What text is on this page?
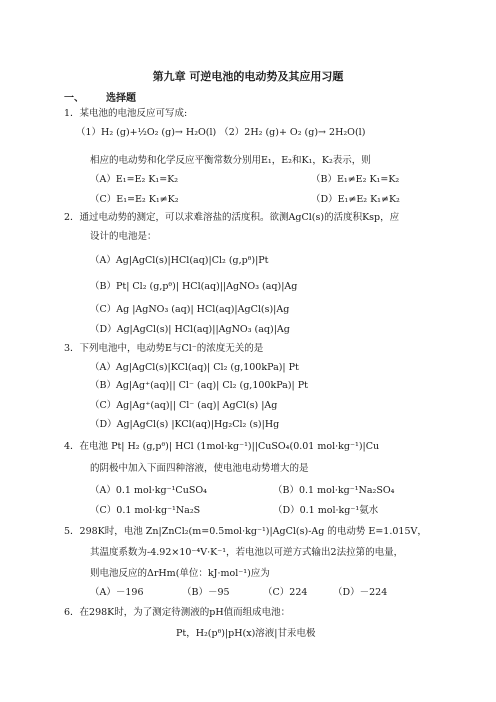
第九章 可逆电池的电动势及其应用习题
一、 选择题
1．某电池的电池反应可写成:
（1）H₂ (g)+½O₂ (g)→ H₂O(l) （2）2H₂ (g)+ O₂ (g)→ 2H₂O(l)
相应的电动势和化学反应平衡常数分别用E₁，E₂和K₁，K₂表示，则
（A）E₁=E₂ K₁=K₂	（B）E₁≠E₂ K₁=K₂
（C）E₁=E₂ K₁≠K₂	（D）E₁≠E₂ K₁≠K₂
2．通过电动势的测定，可以求难溶盐的活度积。欲测AgCl(s)的活度积Ksp，应
设计的电池是：
（A）Ag|AgCl(s)|HCl(aq)|Cl₂ (g,pᶿ)|Pt
（B）Pt| Cl₂ (g,pᶿ)| HCl(aq)||AgNO₃ (aq)|Ag
（C）Ag |AgNO₃ (aq)| HCl(aq)|AgCl(s)|Ag
（D）Ag|AgCl(s)| HCl(aq)||AgNO₃ (aq)|Ag
3．下列电池中，电动势E与Cl⁻的浓度无关的是
（A）Ag|AgCl(s)|KCl(aq)| Cl₂ (g,100kPa)| Pt
（B）Ag|Ag⁺(aq)|| Cl⁻ (aq)| Cl₂ (g,100kPa)| Pt
（C）Ag|Ag⁺(aq)|| Cl⁻ (aq)| AgCl(s) |Ag
（D）Ag|AgCl(s) |KCl(aq)|Hg₂Cl₂ (s)|Hg
4．在电池 Pt| H₂ (g,pᶿ)| HCl (1mol·kg⁻¹)||CuSO₄(0.01 mol·kg⁻¹)|Cu
的阴极中加入下面四种溶液，使电池电动势增大的是
（A）0.1 mol·kg⁻¹CuSO₄	（B）0.1 mol·kg⁻¹Na₂SO₄
（C）0.1 mol·kg⁻¹Na₂S	（D）0.1 mol·kg⁻¹氨水
5．298K时，电池 Zn|ZnCl₂(m=0.5mol·kg⁻¹)|AgCl(s)-Ag 的电动势 E=1.015V，
其温度系数为-4.92×10⁻⁴V·K⁻¹，若电池以可逆方式输出2法拉第的电量，
则电池反应的ΔrHm(单位：kJ·mol⁻¹)应为
（A）－196	（B）－95	（C）224	（D）－224
6．在298K时，为了测定待测液的pH值而组成电池：
Pt，H₂(pᶿ)|pH(x)溶液|甘汞电极
